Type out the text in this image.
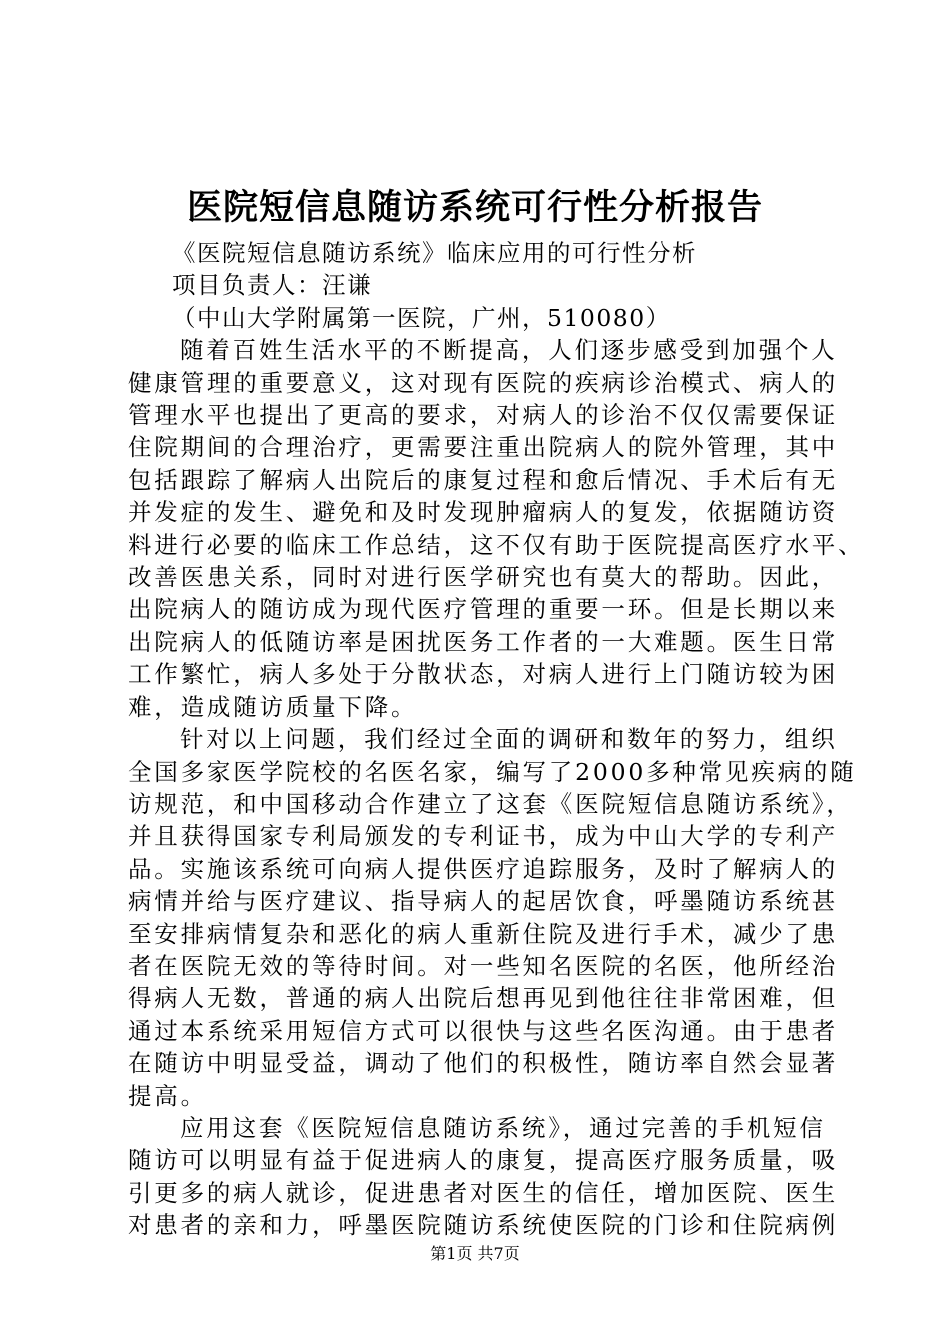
医院短信息随访系统可行性分析报告
《医院短信息随访系统》临床应用的可行性分析
项目负责人：汪谦
（中山大学附属第一医院，广州，510080）
随着百姓生活水平的不断提高，人们逐步感受到加强个人
健康管理的重要意义，这对现有医院的疾病诊治模式、病人的
管理水平也提出了更高的要求，对病人的诊治不仅仅需要保证
住院期间的合理治疗，更需要注重出院病人的院外管理，其中
包括跟踪了解病人出院后的康复过程和愈后情况、手术后有无
并发症的发生、避免和及时发现肿瘤病人的复发，依据随访资
料进行必要的临床工作总结，这不仅有助于医院提高医疗水平、
改善医患关系，同时对进行医学研究也有莫大的帮助。因此，
出院病人的随访成为现代医疗管理的重要一环。但是长期以来
出院病人的低随访率是困扰医务工作者的一大难题。医生日常
工作繁忙，病人多处于分散状态，对病人进行上门随访较为困
难，造成随访质量下降。
针对以上问题，我们经过全面的调研和数年的努力，组织
全国多家医学院校的名医名家，编写了2000多种常见疾病的随
访规范，和中国移动合作建立了这套《医院短信息随访系统》，
并且获得国家专利局颁发的专利证书，成为中山大学的专利产
品。实施该系统可向病人提供医疗追踪服务，及时了解病人的
病情并给与医疗建议、指导病人的起居饮食，呼墨随访系统甚
至安排病情复杂和恶化的病人重新住院及进行手术，减少了患
者在医院无效的等待时间。对一些知名医院的名医，他所经治
得病人无数，普通的病人出院后想再见到他往往非常困难，但
通过本系统采用短信方式可以很快与这些名医沟通。由于患者
在随访中明显受益，调动了他们的积极性，随访率自然会显著
提高。
应用这套《医院短信息随访系统》，通过完善的手机短信
随访可以明显有益于促进病人的康复，提高医疗服务质量，吸
引更多的病人就诊，促进患者对医生的信任，增加医院、医生
对患者的亲和力，呼墨医院随访系统使医院的门诊和住院病例
第1页 共7页
